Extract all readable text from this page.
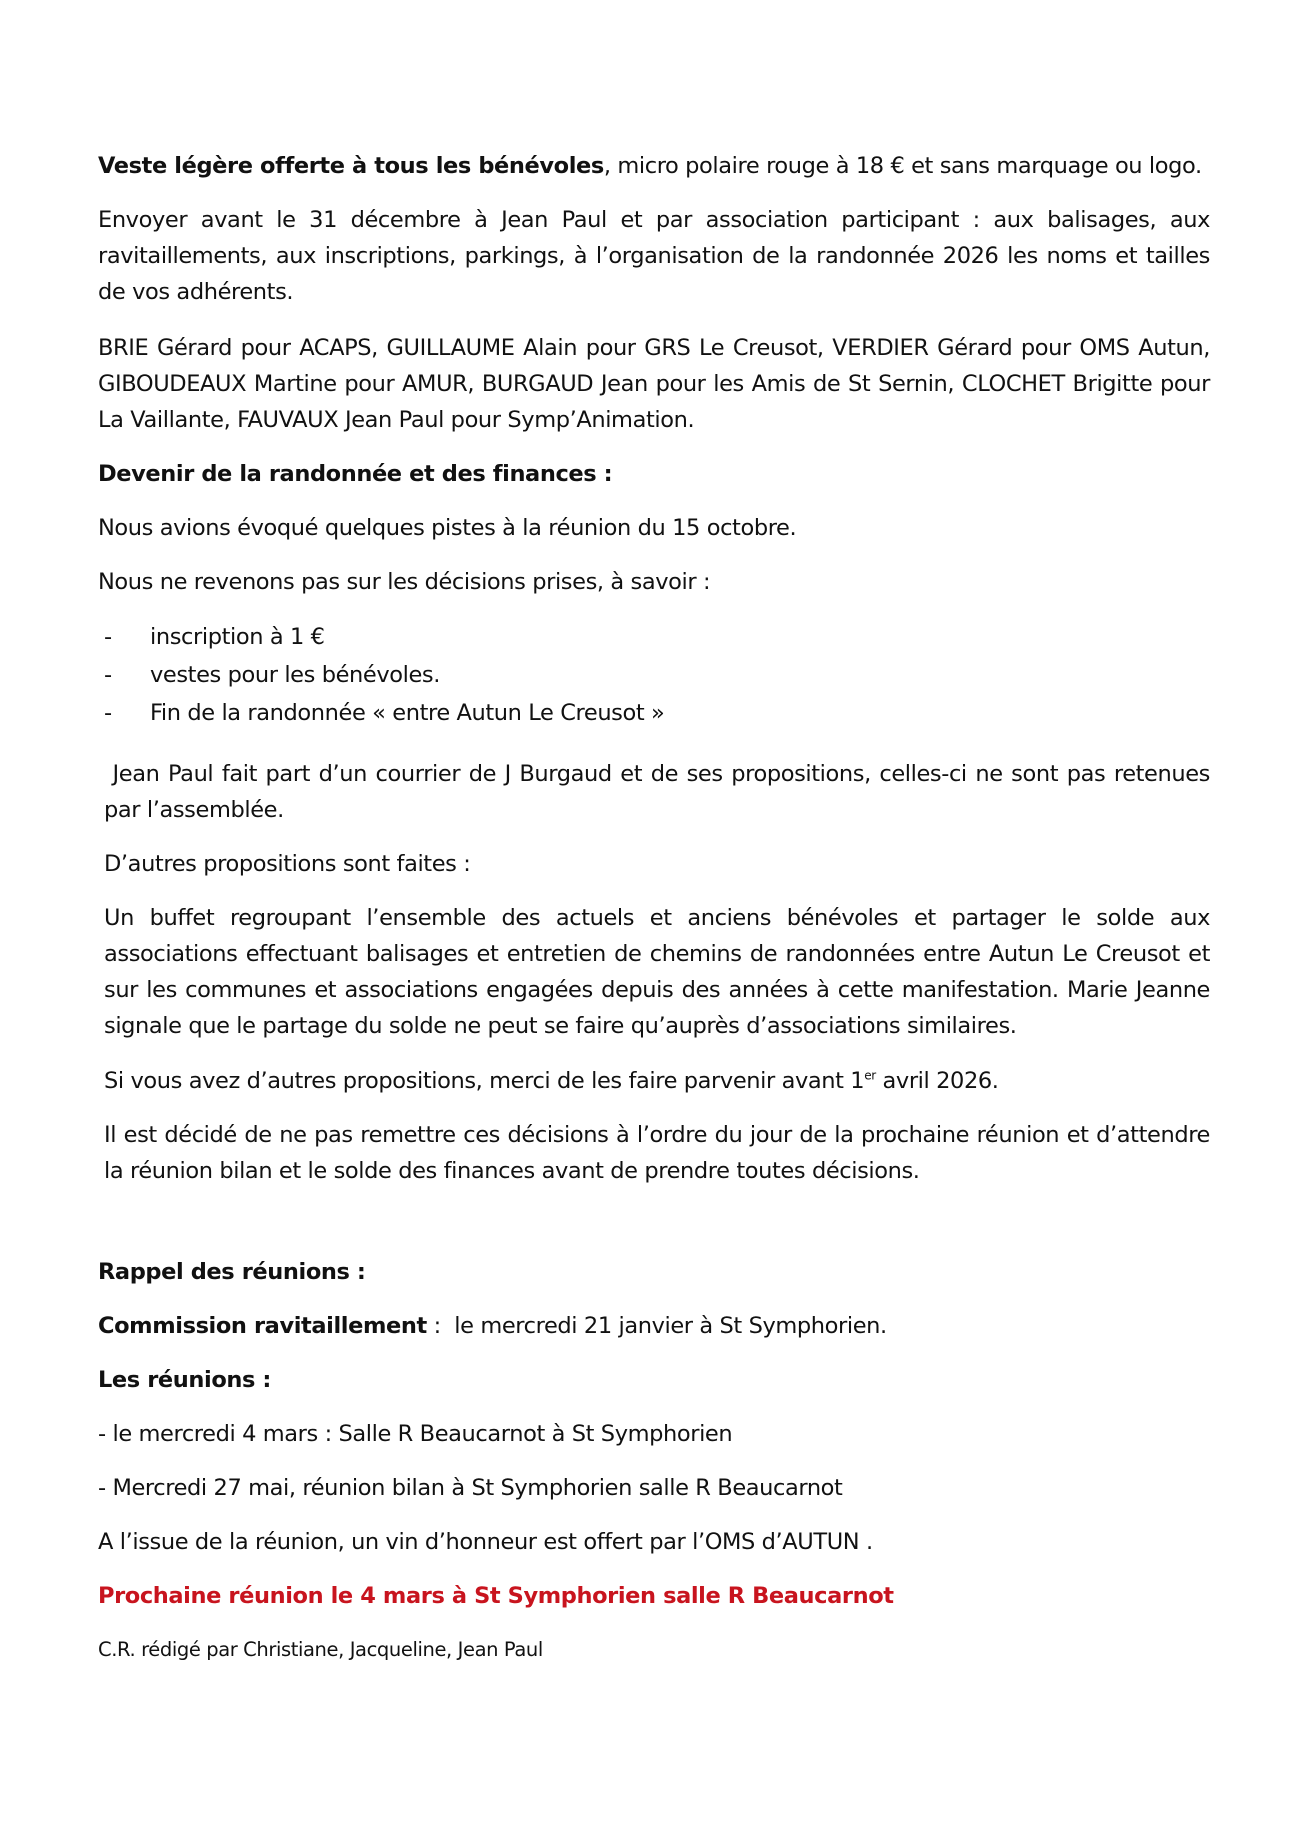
Veste légère offerte à tous les bénévoles, micro polaire rouge à 18 € et sans marquage ou logo.
Envoyer avant le 31 décembre à Jean Paul et par association participant : aux balisages, aux ravitaillements, aux inscriptions, parkings, à l’organisation de la randonnée 2026 les noms et tailles de vos adhérents.
BRIE Gérard pour ACAPS, GUILLAUME Alain pour GRS Le Creusot, VERDIER Gérard pour OMS Autun, GIBOUDEAUX Martine pour AMUR, BURGAUD Jean pour les Amis de St Sernin, CLOCHET Brigitte pour La Vaillante, FAUVAUX Jean Paul pour Symp’Animation.
Devenir de la randonnée et des finances :
Nous avions évoqué quelques pistes à la réunion du 15 octobre.
Nous ne revenons pas sur les décisions prises, à savoir :
-	inscription à 1 €
-	vestes pour les bénévoles.
-	Fin de la randonnée « entre Autun Le Creusot »
Jean Paul fait part d’un courrier de J Burgaud et de ses propositions, celles-ci ne sont pas retenues par l’assemblée.
D’autres propositions sont faites :
Un buffet regroupant l’ensemble des actuels et anciens bénévoles et partager le solde aux associations effectuant balisages et entretien de chemins de randonnées entre Autun Le Creusot et sur les communes et associations engagées depuis des années à cette manifestation. Marie Jeanne signale que le partage du solde ne peut se faire qu’auprès d’associations similaires.
Si vous avez d’autres propositions, merci de les faire parvenir avant 1er avril 2026.
Il est décidé de ne pas remettre ces décisions à l’ordre du jour de la prochaine réunion et d’attendre la réunion bilan et le solde des finances avant de prendre toutes décisions.
Rappel des réunions :
Commission ravitaillement :  le mercredi 21 janvier à St Symphorien.
Les réunions :
- le mercredi 4 mars : Salle R Beaucarnot à St Symphorien
- Mercredi 27 mai, réunion bilan à St Symphorien salle R Beaucarnot
A l’issue de la réunion, un vin d’honneur est offert par l’OMS d’AUTUN .
Prochaine réunion le 4 mars à St Symphorien salle R Beaucarnot
C.R. rédigé par Christiane, Jacqueline, Jean Paul
